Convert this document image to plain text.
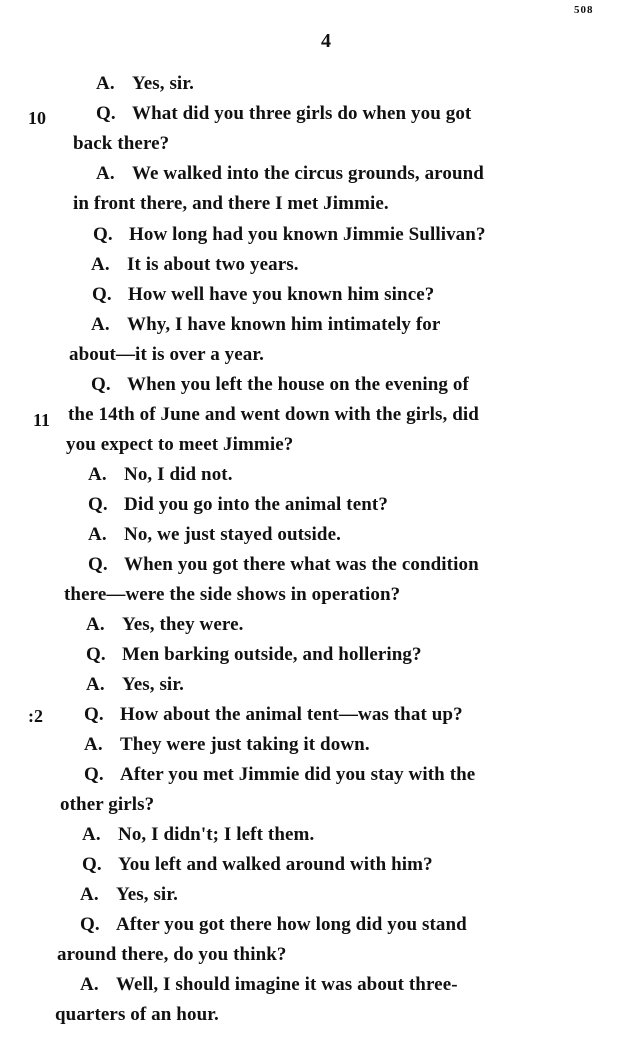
508
4
10
11
:2
A. Yes, sir.
Q. What did you three girls do when you got
back there?
A. We walked into the circus grounds, around
in front there, and there I met Jimmie.
Q. How long had you known Jimmie Sullivan?
A. It is about two years.
Q. How well have you known him since?
A. Why, I have known him intimately for
about—it is over a year.
Q. When you left the house on the evening of
the 14th of June and went down with the girls, did
you expect to meet Jimmie?
A. No, I did not.
Q. Did you go into the animal tent?
A. No, we just stayed outside.
Q. When you got there what was the condition
there—were the side shows in operation?
A. Yes, they were.
Q. Men barking outside, and hollering?
A. Yes, sir.
Q. How about the animal tent—was that up?
A. They were just taking it down.
Q. After you met Jimmie did you stay with the
other girls?
A. No, I didn't; I left them.
Q. You left and walked around with him?
A. Yes, sir.
Q. After you got there how long did you stand
around there, do you think?
A. Well, I should imagine it was about three-
quarters of an hour.
